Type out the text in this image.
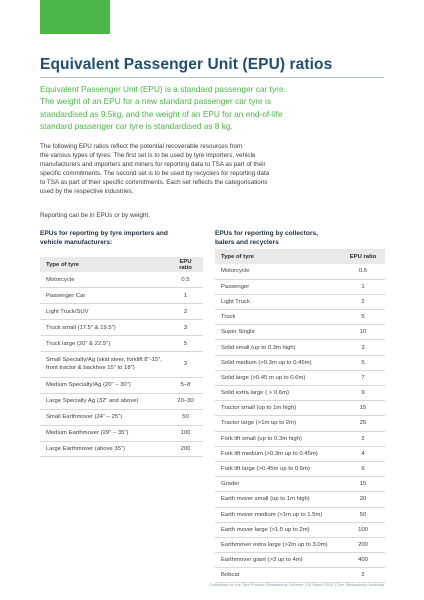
Equivalent Passenger Unit (EPU) ratios
Equivalent Passenger Unit (EPU) is a standard passenger car tyre.
The weight of an EPU for a new standard passenger car tyre is
standardised as 9.5kg, and the weight of an EPU for an end-of-life
standard passenger car tyre is standardised as 8 kg.
The following EPU ratios reflect the potential recoverable resources from
the various types of tyres. The first set is to be used by tyre importers, vehicle
manufacturers and importers and miners for reporting data to TSA as part of their
specific commitments. The second set is to be used by recyclers for reporting data
to TSA as part of their specific commitments. Each set reflects the categorisations
used by the respective industries.
Reporting can be in EPUs or by weight.
EPUs for reporting by tyre importers and
vehicle manufacturers:
EPUs for reporting by collectors,
balers and recyclers
Type of tyre	EPU ratio
Motorcycle	0.5
Passenger Car	1
Light Truck/SUV	2
Truck small (17.5" & 19.5")	3
Truck large (20" & 22.5")	5
Small Specialty/Ag (skid steer, forklift 8"-15", front tractor & backhoe 15" to 18")	3
Medium Specialty/Ag (20" – 30")	5–8
Large Specialty Ag (32" and above)	20–30
Small Earthmover (24" – 25")	50
Medium Earthmover (29" – 35")	100
Large Earthmover (above 35")	200
Type of tyre	EPU ratio
Motorcycle	0.5
Passenger	1
Light Truck	2
Truck	5
Super Single	10
Solid small (up to 0.3m high)	3
Solid medium (>0.3m up to 0.45m)	5
Solid large (>0.45 m up to 0.6m)	7
Solid extra large ( > 0.6m)	9
Tractor small (up to 1m high)	15
Tractor large (>1m up to 2m)	25
Fork lift small (up to 0.3m high)	2
Fork lift medium (>0.3m up to 0.45m)	4
Fork lift large (>0.45m up to 0.6m)	6
Grader	15
Earth mover small (up to 1m high)	20
Earth mover medium (>1m up to 1.5m)	50
Earth mover large (>1.5 up to 2m)	100
Earthmover extra large (>2m up to 3.0m)	200
Earthmover giant (>3 up to 4m)	400
Bobcat	2
Guidelines for the Tyre Product Stewardship Scheme | 15 March 2019 | Tyre Stewardship Australia
